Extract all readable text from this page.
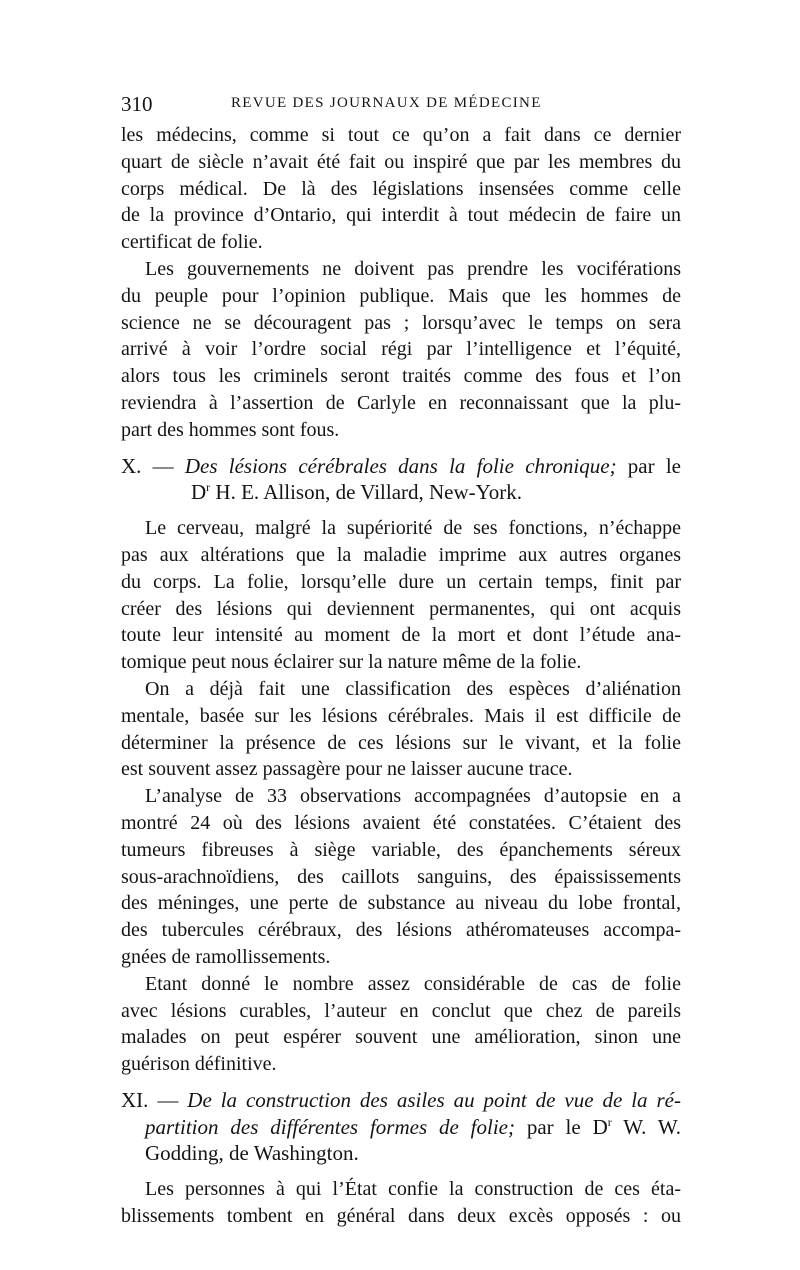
310	REVUE DES JOURNAUX DE MÉDECINE
les médecins, comme si tout ce qu’on a fait dans ce dernier
quart de siècle n’avait été fait ou inspiré que par les membres du
corps médical. De là des législations insensées comme celle
de la province d’Ontario, qui interdit à tout médecin de faire un
certificat de folie.
Les gouvernements ne doivent pas prendre les vociférations
du peuple pour l’opinion publique. Mais que les hommes de
science ne se découragent pas ; lorsqu’avec le temps on sera
arrivé à voir l’ordre social régi par l’intelligence et l’équité,
alors tous les criminels seront traités comme des fous et l’on
reviendra à l’assertion de Carlyle en reconnaissant que la plu-
part des hommes sont fous.
X. — Des lésions cérébrales dans la folie chronique; par le
$D^r$ H. E. Allison, de Villard, New-York.
Le cerveau, malgré la supériorité de ses fonctions, n’échappe
pas aux altérations que la maladie imprime aux autres organes
du corps. La folie, lorsqu’elle dure un certain temps, finit par
créer des lésions qui deviennent permanentes, qui ont acquis
toute leur intensité au moment de la mort et dont l’étude ana-
tomique peut nous éclairer sur la nature même de la folie.
On a déjà fait une classification des espèces d’aliénation
mentale, basée sur les lésions cérébrales. Mais il est difficile de
déterminer la présence de ces lésions sur le vivant, et la folie
est souvent assez passagère pour ne laisser aucune trace.
L’analyse de 33 observations accompagnées d’autopsie en a
montré 24 où des lésions avaient été constatées. C’étaient des
tumeurs fibreuses à siège variable, des épanchements séreux
sous-arachnoïdiens, des caillots sanguins, des épaississements
des méninges, une perte de substance au niveau du lobe frontal,
des tubercules cérébraux, des lésions athéromateuses accompa-
gnées de ramollissements.
Etant donné le nombre assez considérable de cas de folie
avec lésions curables, l’auteur en conclut que chez de pareils
malades on peut espérer souvent une amélioration, sinon une
guérison définitive.
XI. — De la construction des asiles au point de vue de la ré-
partition des différentes formes de folie; par le $D^r$ W. W.
Godding, de Washington.
Les personnes à qui l’État confie la construction de ces éta-
blissements tombent en général dans deux excès opposés : ou
